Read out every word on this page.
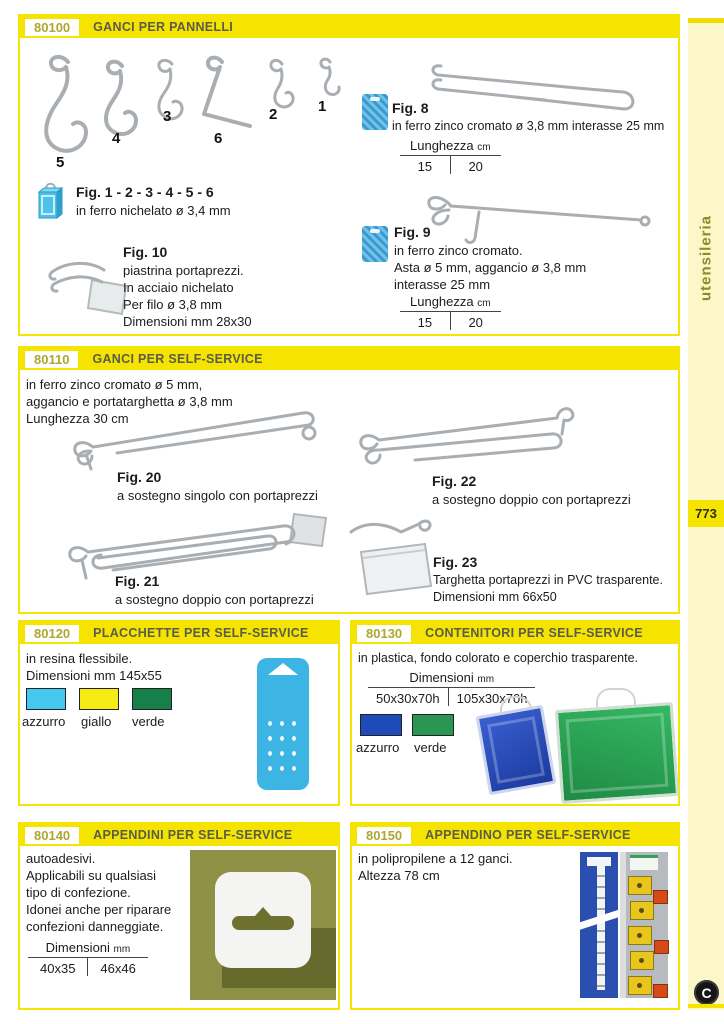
80100	GANCI PER PANNELLI
5
4
3
6
2	1
Fig. 1 - 2 - 3 - 4 - 5 - 6
in ferro nichelato ø 3,4 mm
Fig. 10
piastrina portaprezzi.
In acciaio nichelato
Per filo ø 3,8 mm
Dimensioni mm 28x30
Fig. 8
in ferro zinco cromato ø 3,8 mm interasse 25 mm
Lunghezza cm
15	20
Fig. 9
in ferro zinco cromato.
Asta ø 5 mm, aggancio ø 3,8 mm
interasse 25 mm
Lunghezza cm
15	20
80110	GANCI PER SELF-SERVICE
in ferro zinco cromato ø 5 mm,
aggancio e portatarghetta ø 3,8 mm
Lunghezza 30 cm
Fig. 20
a sostegno singolo con portaprezzi
Fig. 22
a sostegno doppio con portaprezzi
Fig. 21
a sostegno doppio con portaprezzi
Fig. 23
Targhetta portaprezzi in PVC trasparente.
Dimensioni mm 66x50
80120	PLACCHETTE PER SELF-SERVICE
in resina flessibile.
Dimensioni mm 145x55
azzurro giallo verde
80130	CONTENITORI PER SELF-SERVICE
in plastica, fondo colorato e coperchio trasparente.
Dimensioni mm
50x30x70h	105x30x70h
azzurro verde
80140	APPENDINI PER SELF-SERVICE
autoadesivi.
Applicabili su qualsiasi
tipo di confezione.
Idonei anche per riparare
confezioni danneggiate.
Dimensioni mm
40x35	46x46
80150	APPENDINO PER SELF-SERVICE
in polipropilene a 12 ganci.
Altezza 78 cm
utensileria
773
C
